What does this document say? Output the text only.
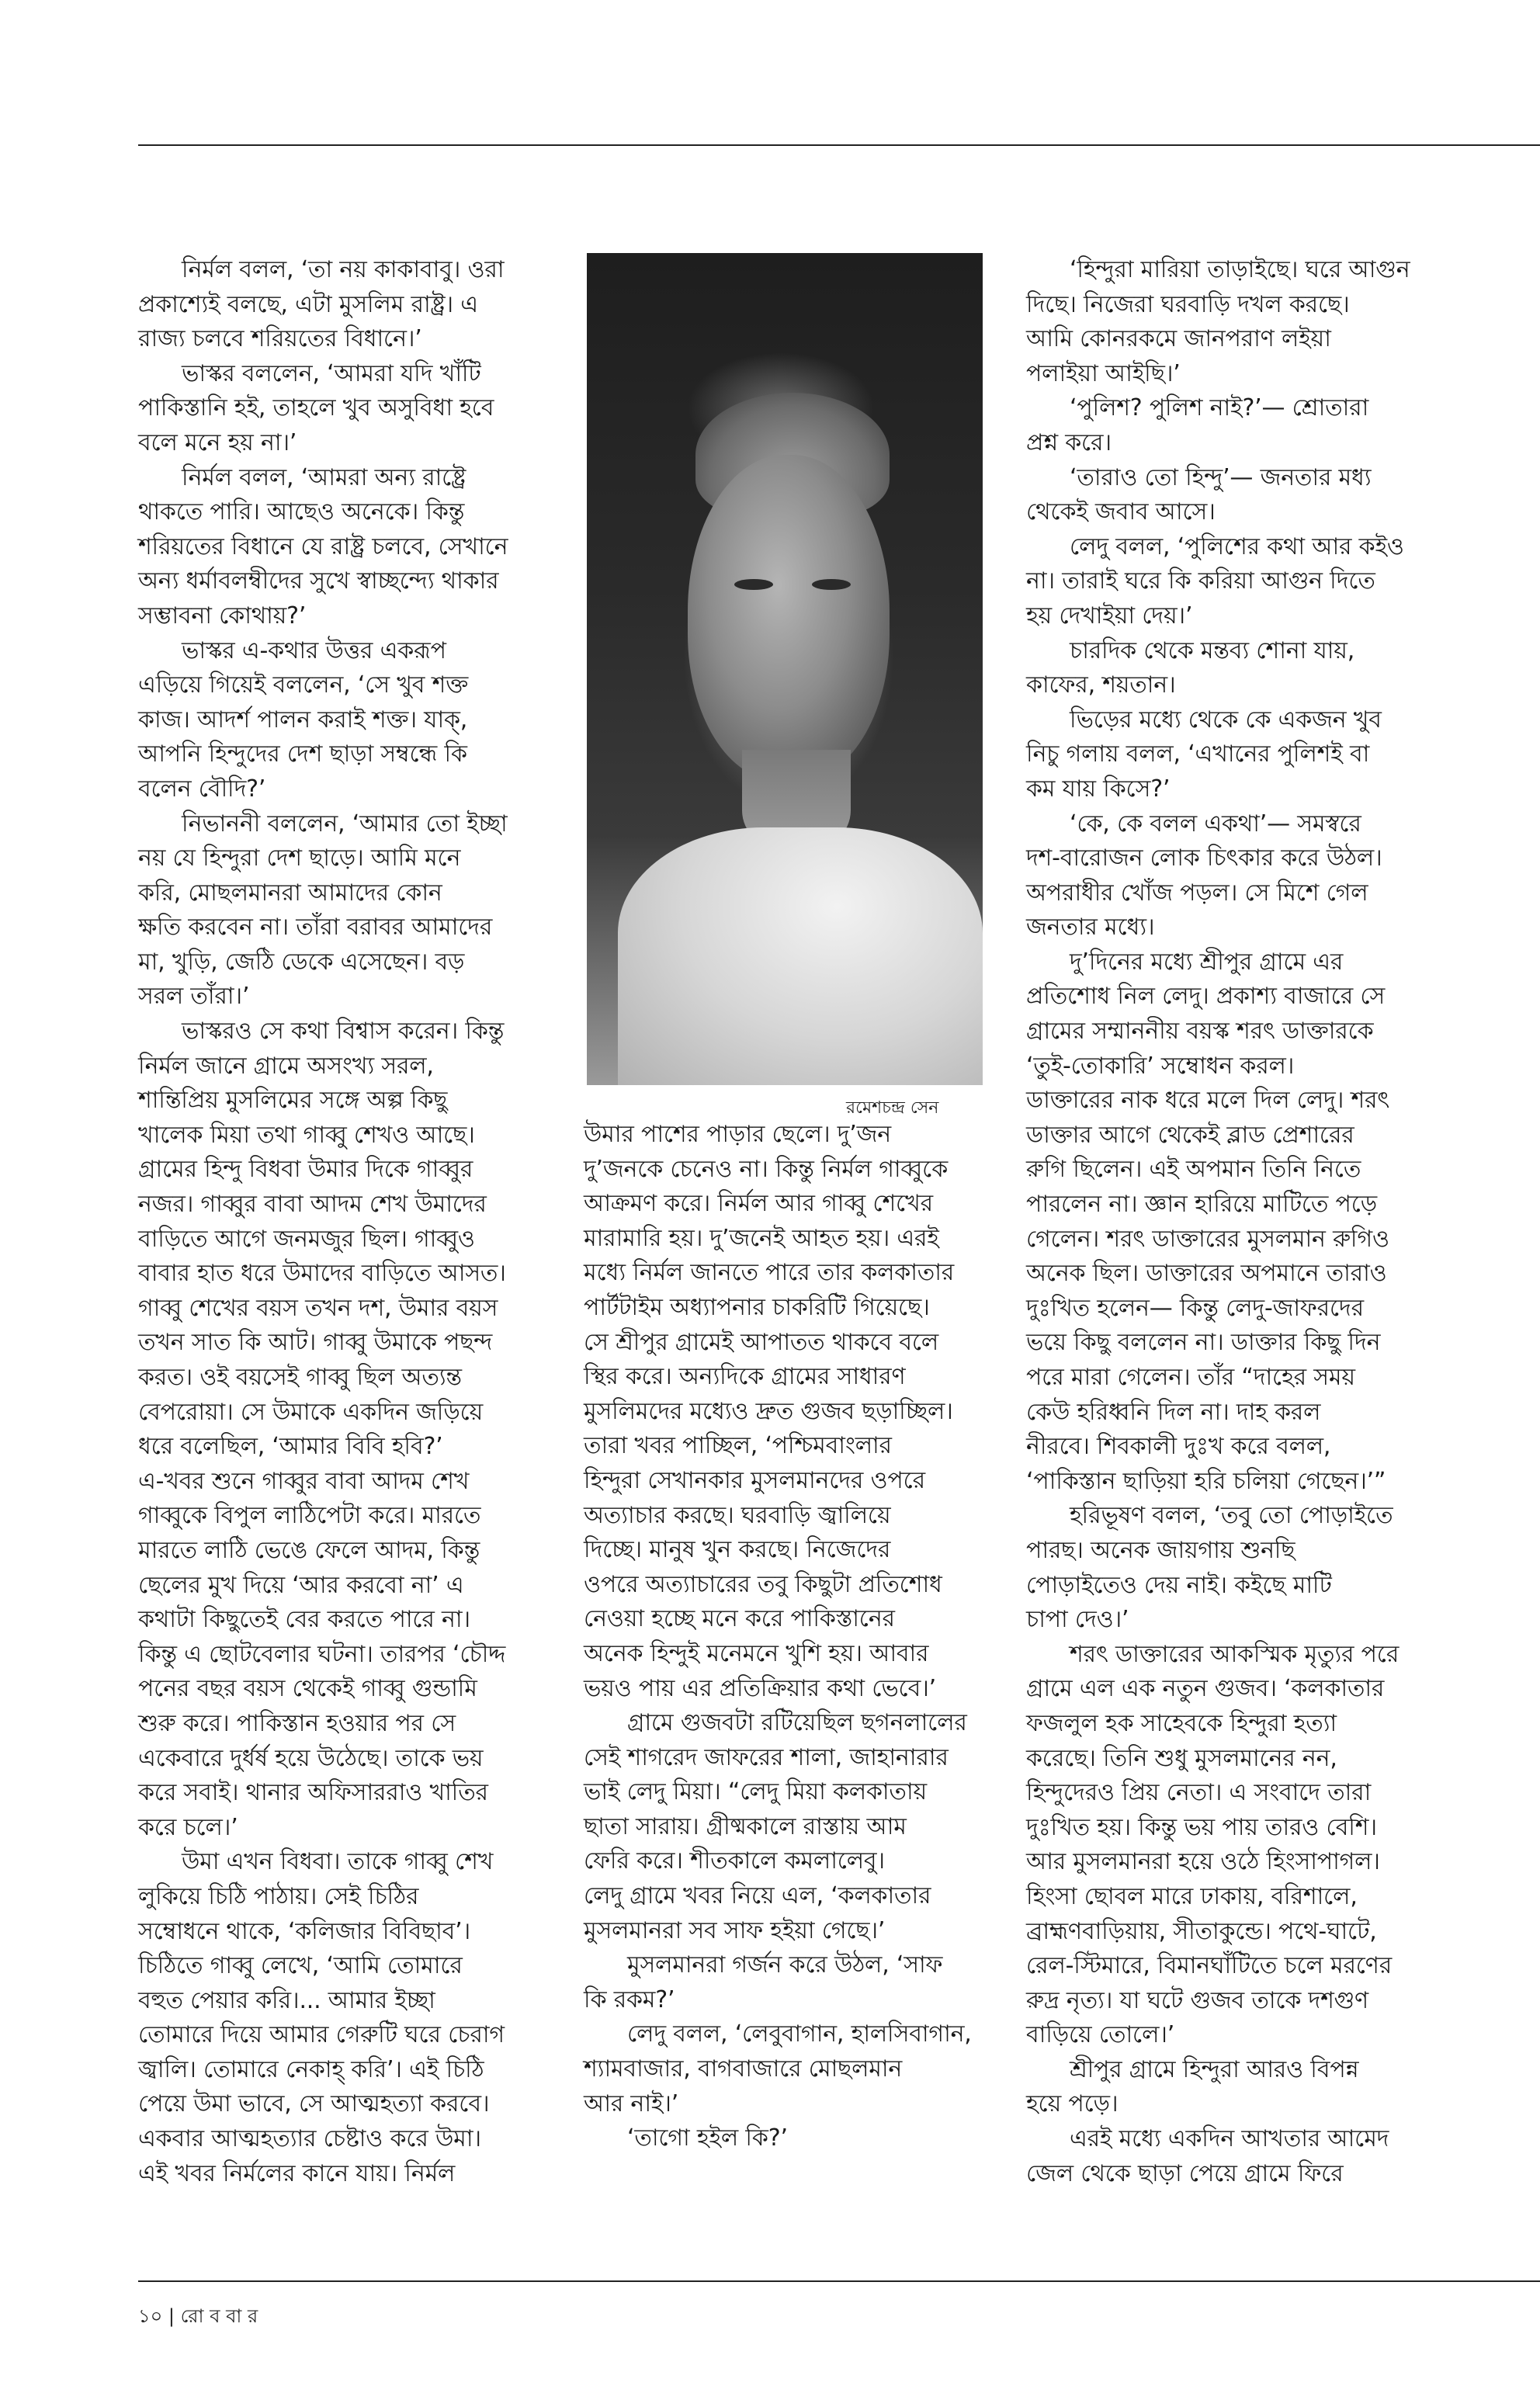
নির্মল বলল, ‘তা নয় কাকাবাবু। ওরা

প্রকাশ্যেই বলছে, এটা মুসলিম রাষ্ট্র। এ

রাজ্য চলবে শরিয়তের বিধানে।’

ভাস্কর বললেন, ‘আমরা যদি খাঁটি

পাকিস্তানি হই, তাহলে খুব অসুবিধা হবে

বলে মনে হয় না।’

নির্মল বলল, ‘আমরা অন্য রাষ্ট্রে

থাকতে পারি। আছেও অনেকে। কিন্তু

শরিয়তের বিধানে যে রাষ্ট্র চলবে, সেখানে

অন্য ধর্মাবলম্বীদের সুখে স্বাচ্ছন্দ্যে থাকার

সম্ভাবনা কোথায়?’

ভাস্কর এ-কথার উত্তর একরূপ

এড়িয়ে গিয়েই বললেন, ‘সে খুব শক্ত

কাজ। আদর্শ পালন করাই শক্ত। যাক্‌,

আপনি হিন্দুদের দেশ ছাড়া সম্বন্ধে কি

বলেন বৌদি?’

নিভাননী বললেন, ‘আমার তো ইচ্ছা

নয় যে হিন্দুরা দেশ ছাড়ে। আমি মনে

করি, মোছলমানরা আমাদের কোন

ক্ষতি করবেন না। তাঁরা বরাবর আমাদের

মা, খুড়ি, জেঠি ডেকে এসেছেন। বড়

সরল তাঁরা।’

ভাস্করও সে কথা বিশ্বাস করেন। কিন্তু

নির্মল জানে গ্রামে অসংখ্য সরল,

শান্তিপ্রিয় মুসলিমের সঙ্গে অল্প কিছু

খালেক মিয়া তথা গাব্বু শেখও আছে।

গ্রামের হিন্দু বিধবা উমার দিকে গাব্বুর

নজর। গাব্বুর বাবা আদম শেখ উমাদের

বাড়িতে আগে জনমজুর ছিল। গাব্বুও

বাবার হাত ধরে উমাদের বাড়িতে আসত।

গাব্বু শেখের বয়স তখন দশ, উমার বয়স

তখন সাত কি আট। গাব্বু উমাকে পছন্দ

করত। ওই বয়সেই গাব্বু ছিল অত্যন্ত

বেপরোয়া। সে উমাকে একদিন জড়িয়ে

ধরে বলেছিল, ‘আমার বিবি হবি?’

এ-খবর শুনে গাব্বুর বাবা আদম শেখ

গাব্বুকে বিপুল লাঠিপেটা করে। মারতে

মারতে লাঠি ভেঙে ফেলে আদম, কিন্তু

ছেলের মুখ দিয়ে ‘আর করবো না’ এ

কথাটা কিছুতেই বের করতে পারে না।

কিন্তু এ ছোটবেলার ঘটনা। তারপর ‘চৌদ্দ

পনের বছর বয়স থেকেই গাব্বু গুন্ডামি

শুরু করে। পাকিস্তান হওয়ার পর সে

একেবারে দুর্ধর্ষ হয়ে উঠেছে। তাকে ভয়

করে সবাই। থানার অফিসাররাও খাতির

করে চলে।’

উমা এখন বিধবা। তাকে গাব্বু শেখ

লুকিয়ে চিঠি পাঠায়। সেই চিঠির

সম্বোধনে থাকে, ‘কলিজার বিবিছাব’।

চিঠিতে গাব্বু লেখে, ‘আমি তোমারে

বহুত পেয়ার করি।... আমার ইচ্ছা

তোমারে দিয়ে আমার গেরুটি ঘরে চেরাগ

জ্বালি। তোমারে নেকাহ্‌ করি’। এই চিঠি

পেয়ে উমা ভাবে, সে আত্মহত্যা করবে।

একবার আত্মহত্যার চেষ্টাও করে উমা।

এই খবর নির্মলের কানে যায়। নির্মল

রমেশচন্দ্র সেন

উমার পাশের পাড়ার ছেলে। দু’জন

দু’জনকে চেনেও না। কিন্তু নির্মল গাব্বুকে

আক্রমণ করে। নির্মল আর গাব্বু শেখের

মারামারি হয়। দু’জনেই আহত হয়। এরই

মধ্যে নির্মল জানতে পারে তার কলকাতার

পার্টটাইম অধ্যাপনার চাকরিটি গিয়েছে।

সে শ্রীপুর গ্রামেই আপাতত থাকবে বলে

স্থির করে। অন্যদিকে গ্রামের সাধারণ

মুসলিমদের মধ্যেও দ্রুত গুজব ছড়াচ্ছিল।

তারা খবর পাচ্ছিল, ‘পশ্চিমবাংলার

হিন্দুরা সেখানকার মুসলমানদের ওপরে

অত্যাচার করছে। ঘরবাড়ি জ্বালিয়ে

দিচ্ছে। মানুষ খুন করছে। নিজেদের

ওপরে অত্যাচারের তবু কিছুটা প্রতিশোধ

নেওয়া হচ্ছে মনে করে পাকিস্তানের

অনেক হিন্দুই মনেমনে খুশি হয়। আবার

ভয়ও পায় এর প্রতিক্রিয়ার কথা ভেবে।’

গ্রামে গুজবটা রটিয়েছিল ছগনলালের

সেই শাগরেদ জাফরের শালা, জাহানারার

ভাই লেদু মিয়া। “লেদু মিয়া কলকাতায়

ছাতা সারায়। গ্রীষ্মকালে রাস্তায় আম

ফেরি করে। শীতকালে কমলালেবু।

লেদু গ্রামে খবর নিয়ে এল, ‘কলকাতার

মুসলমানরা সব সাফ হইয়া গেছে।’

মুসলমানরা গর্জন করে উঠল, ‘সাফ

কি রকম?’

লেদু বলল, ‘লেবুবাগান, হালসিবাগান,

শ্যামবাজার, বাগবাজারে মোছলমান

আর নাই।’

‘তাগো হইল কি?’

‘হিন্দুরা মারিয়া তাড়াইছে। ঘরে আগুন

দিছে। নিজেরা ঘরবাড়ি দখল করছে।

আমি কোনরকমে জানপরাণ লইয়া

পলাইয়া আইছি।’

‘পুলিশ? পুলিশ নাই?’— শ্রোতারা

প্রশ্ন করে।

‘তারাও তো হিন্দু’— জনতার মধ্য

থেকেই জবাব আসে।

লেদু বলল, ‘পুলিশের কথা আর কইও

না। তারাই ঘরে কি করিয়া আগুন দিতে

হয় দেখাইয়া দেয়।’

চারদিক থেকে মন্তব্য শোনা যায়,

কাফের, শয়তান।

ভিড়ের মধ্যে থেকে কে একজন খুব

নিচু গলায় বলল, ‘এখানের পুলিশই বা

কম যায় কিসে?’

‘কে, কে বলল একথা’— সমস্বরে

দশ-বারোজন লোক চিৎকার করে উঠল।

অপরাধীর খোঁজ পড়ল। সে মিশে গেল

জনতার মধ্যে।

দু’দিনের মধ্যে শ্রীপুর গ্রামে এর

প্রতিশোধ নিল লেদু। প্রকাশ্য বাজারে সে

গ্রামের সম্মাননীয় বয়স্ক শরৎ ডাক্তারকে

‘তুই-তোকারি’ সম্বোধন করল।

ডাক্তারের নাক ধরে মলে দিল লেদু। শরৎ

ডাক্তার আগে থেকেই ব্লাড প্রেশারের

রুগি ছিলেন। এই অপমান তিনি নিতে

পারলেন না। জ্ঞান হারিয়ে মাটিতে পড়ে

গেলেন। শরৎ ডাক্তারের মুসলমান রুগিও

অনেক ছিল। ডাক্তারের অপমানে তারাও

দুঃখিত হলেন— কিন্তু লেদু-জাফরদের

ভয়ে কিছু বললেন না। ডাক্তার কিছু দিন

পরে মারা গেলেন। তাঁর “দাহের সময়

কেউ হরিধ্বনি দিল না। দাহ করল

নীরবে। শিবকালী দুঃখ করে বলল,

‘পাকিস্তান ছাড়িয়া হরি চলিয়া গেছেন।’”

হরিভূষণ বলল, ‘তবু তো পোড়াইতে

পারছ। অনেক জায়গায় শুনছি

পোড়াইতেও দেয় নাই। কইছে মাটি

চাপা দেও।’

শরৎ ডাক্তারের আকস্মিক মৃত্যুর পরে

গ্রামে এল এক নতুন গুজব। ‘কলকাতার

ফজলুল হক সাহেবকে হিন্দুরা হত্যা

করেছে। তিনি শুধু মুসলমানের নন,

হিন্দুদেরও প্রিয় নেতা। এ সংবাদে তারা

দুঃখিত হয়। কিন্তু ভয় পায় তারও বেশি।

আর মুসলমানরা হয়ে ওঠে হিংসাপাগল।

হিংসা ছোবল মারে ঢাকায়, বরিশালে,

ব্রাহ্মণবাড়িয়ায়, সীতাকুন্ডে। পথে-ঘাটে,

রেল-স্টিমারে, বিমানঘাঁটিতে চলে মরণের

রুদ্র নৃত্য। যা ঘটে গুজব তাকে দশগুণ

বাড়িয়ে তোলে।’

শ্রীপুর গ্রামে হিন্দুরা আরও বিপন্ন

হয়ে পড়ে।

এরই মধ্যে একদিন আখতার আমেদ

জেল থেকে ছাড়া পেয়ে গ্রামে ফিরে

১০ | রো ব বা র
